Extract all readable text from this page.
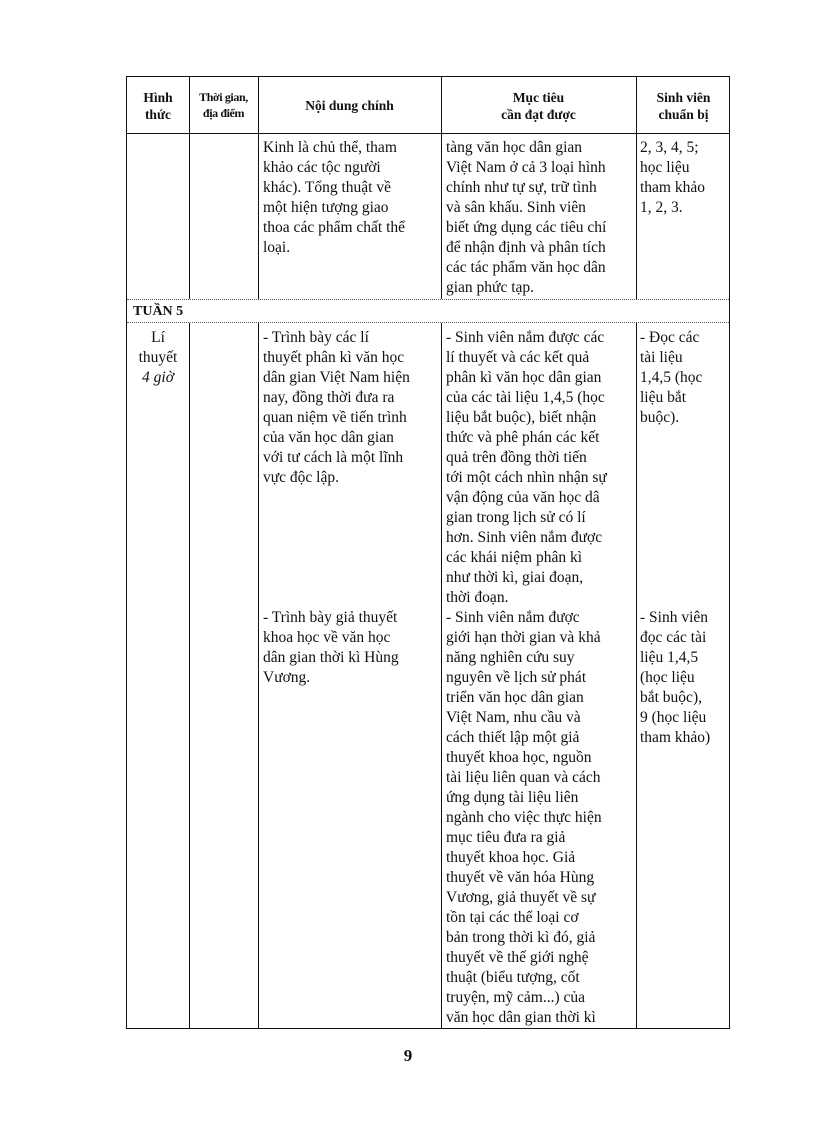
Hình
thức
Thời gian,
địa điểm	Nội dung chính
Mục tiêu
cần đạt được
Sinh viên
chuẩn bị
Kinh là chủ thể, tham
khảo các tộc người
khác). Tổng thuật về
một hiện tượng giao
thoa các phẩm chất thể
loại.
tàng văn học dân gian
Việt Nam ở cả 3 loại hình
chính như tự sự, trữ tình
và sân khấu. Sinh viên
biết ứng dụng các tiêu chí
để nhận định và phân tích
các tác phẩm văn học dân
gian phức tạp.
2, 3, 4, 5;
học liệu
tham khảo
1, 2, 3.
TUẦN 5
Lí
thuyết
4 giờ
- Trình bày các lí
thuyết phân kì văn học
dân gian Việt Nam hiện
nay, đồng thời đưa ra
quan niệm về tiến trình
của văn học dân gian
với tư cách là một lĩnh
vực độc lập.
- Sinh viên nắm được các
lí thuyết và các kết quả
phân kì văn học dân gian
của các tài liệu 1,4,5 (học
liệu bắt buộc), biết nhận
thức và phê phán các kết
quả trên đồng thời tiến
tới một cách nhìn nhận sự
vận động của văn học dâ
gian trong lịch sử có lí
hơn. Sinh viên nắm được
các khái niệm phân kì
như thời kì, giai đoạn,
thời đoạn.
- Đọc các
tài liệu
1,4,5 (học
liệu bắt
buộc).
- Trình bày giả thuyết
khoa học về văn học
dân gian thời kì Hùng
Vương.
- Sinh viên nắm được
giới hạn thời gian và khả
năng nghiên cứu suy
nguyên về lịch sử phát
triển văn học dân gian
Việt Nam, nhu cầu và
cách thiết lập một giả
thuyết khoa học, nguồn
tài liệu liên quan và cách
ứng dụng tài liệu liên
ngành cho việc thực hiện
mục tiêu đưa ra giả
thuyết khoa học. Giả
thuyết về văn hóa Hùng
Vương, giả thuyết về sự
tồn tại các thể loại cơ
bản trong thời kì đó, giả
thuyết về thế giới nghệ
thuật (biểu tượng, cốt
truyện, mỹ cảm...) của
văn học dân gian thời kì
- Sinh viên
đọc các tài
liệu 1,4,5
(học liệu
bắt buộc),
9 (học liệu
tham khảo)
9
